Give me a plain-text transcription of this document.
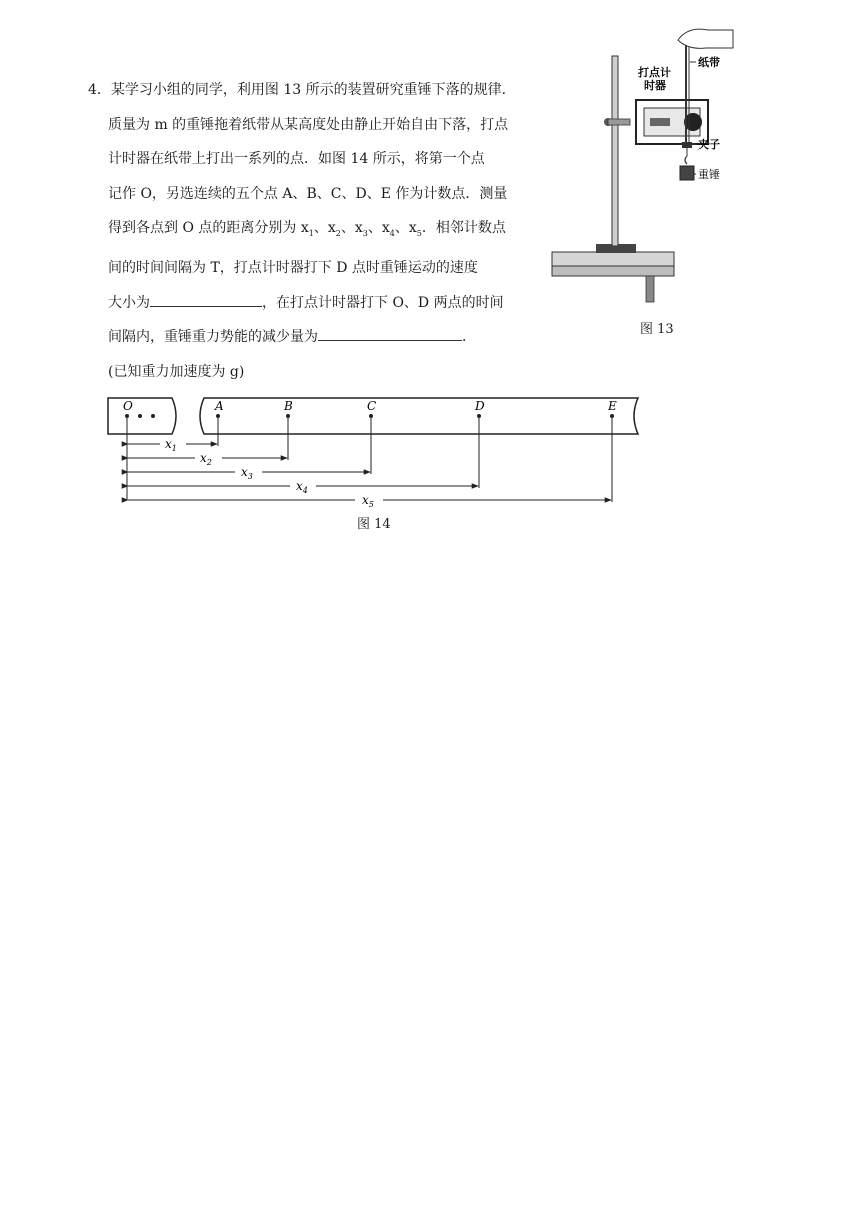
4．某学习小组的同学，利用图 13 所示的装置研究重锤下落的规律．
质量为 m 的重锤拖着纸带从某高度处由静止开始自由下落，打点
计时器在纸带上打出一系列的点．如图 14 所示，将第一个点
记作 O，另选连续的五个点 A、B、C、D、E 作为计数点．测量
得到各点到 O 点的距离分别为 $x_1$、$x_2$、$x_3$、$x_4$、$x_5$．相邻计数点
间的时间间隔为 T，打点计时器打下 D 点时重锤运动的速度
大小为	，在打点计时器打下 O、D 两点的时间
间隔内，重锤重力势能的减少量为	．
(已知重力加速度为 g)
打点计
时器
纸带
夹子
重锤
图 13
O	A	B	C	D	E
$x_1$
$x_2$
$x_3$
$x_4$
$x_5$
图 14
